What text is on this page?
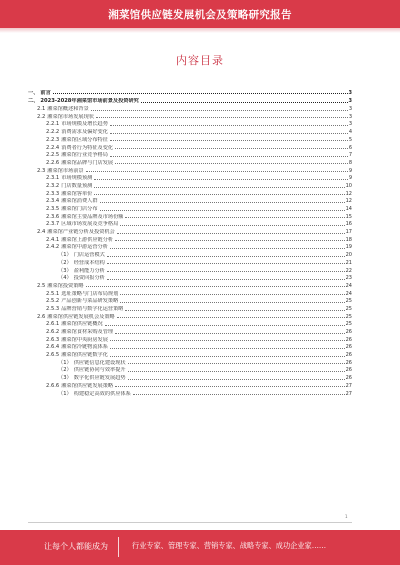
湘菜馆供应链发展机会及策略研究报告
内容目录
一、 前言	3
二、 2023-2028年湘菜馆市场前景及投资研究	3
2.1 湘菜馆概述和背景	3
2.2 湘菜馆市场发展现状	3
2.2.1 市场规模及增长趋势	3
2.2.2 消费需求及偏好变化	4
2.2.3 湘菜馆区域分布特征	5
2.2.4 消费者行为特征及变化	6
2.2.5 湘菜馆行业竞争格局	7
2.2.6 湘菜馆品牌与门店发展	8
2.3 湘菜馆市场前景	9
2.3.1 市场规模预测	9
2.3.2 门店数量预测	10
2.3.3 湘菜馆客单价	12
2.3.4 湘菜馆消费人群	12
2.3.5 湘菜馆门店分布	14
2.3.6 湘菜馆主要品牌及市场份额	15
2.3.7 区域市场发展及竞争格局	16
2.4 湘菜馆产业链分析及投资机会	17
2.4.1 湘菜馆上游供应链分析	18
2.4.2 湘菜馆中游运营分析	19
（1） 门店运营模式	20
（2） 经营成本结构	21
（3） 盈利能力分析	22
（4） 投资回报分析	23
2.5 湘菜馆投资策略	24
2.5.1 选址策略与门店布局规划	24
2.5.2 产品创新与菜品研发策略	25
2.5.3 品牌营销与数字化运营策略	25
2.6 湘菜馆供应链发展机会及策略	25
2.6.1 湘菜馆供应链概况	25
2.6.2 湘菜馆食材采购及管理	26
2.6.3 湘菜馆中央厨房发展	26
2.6.4 湘菜馆冷链物流体系	26
2.6.5 湘菜馆供应链数字化	26
（1） 供应链信息化建设现状	26
（2） 供应链协同与效率提升	26
（3） 数字化供应链发展趋势	26
2.6.6 湘菜馆供应链发展策略	27
（1） 构建稳定高效的供应体系	27
1
让每个人都能成为	行业专家、管理专家、营销专家、战略专家、成功企业家……
